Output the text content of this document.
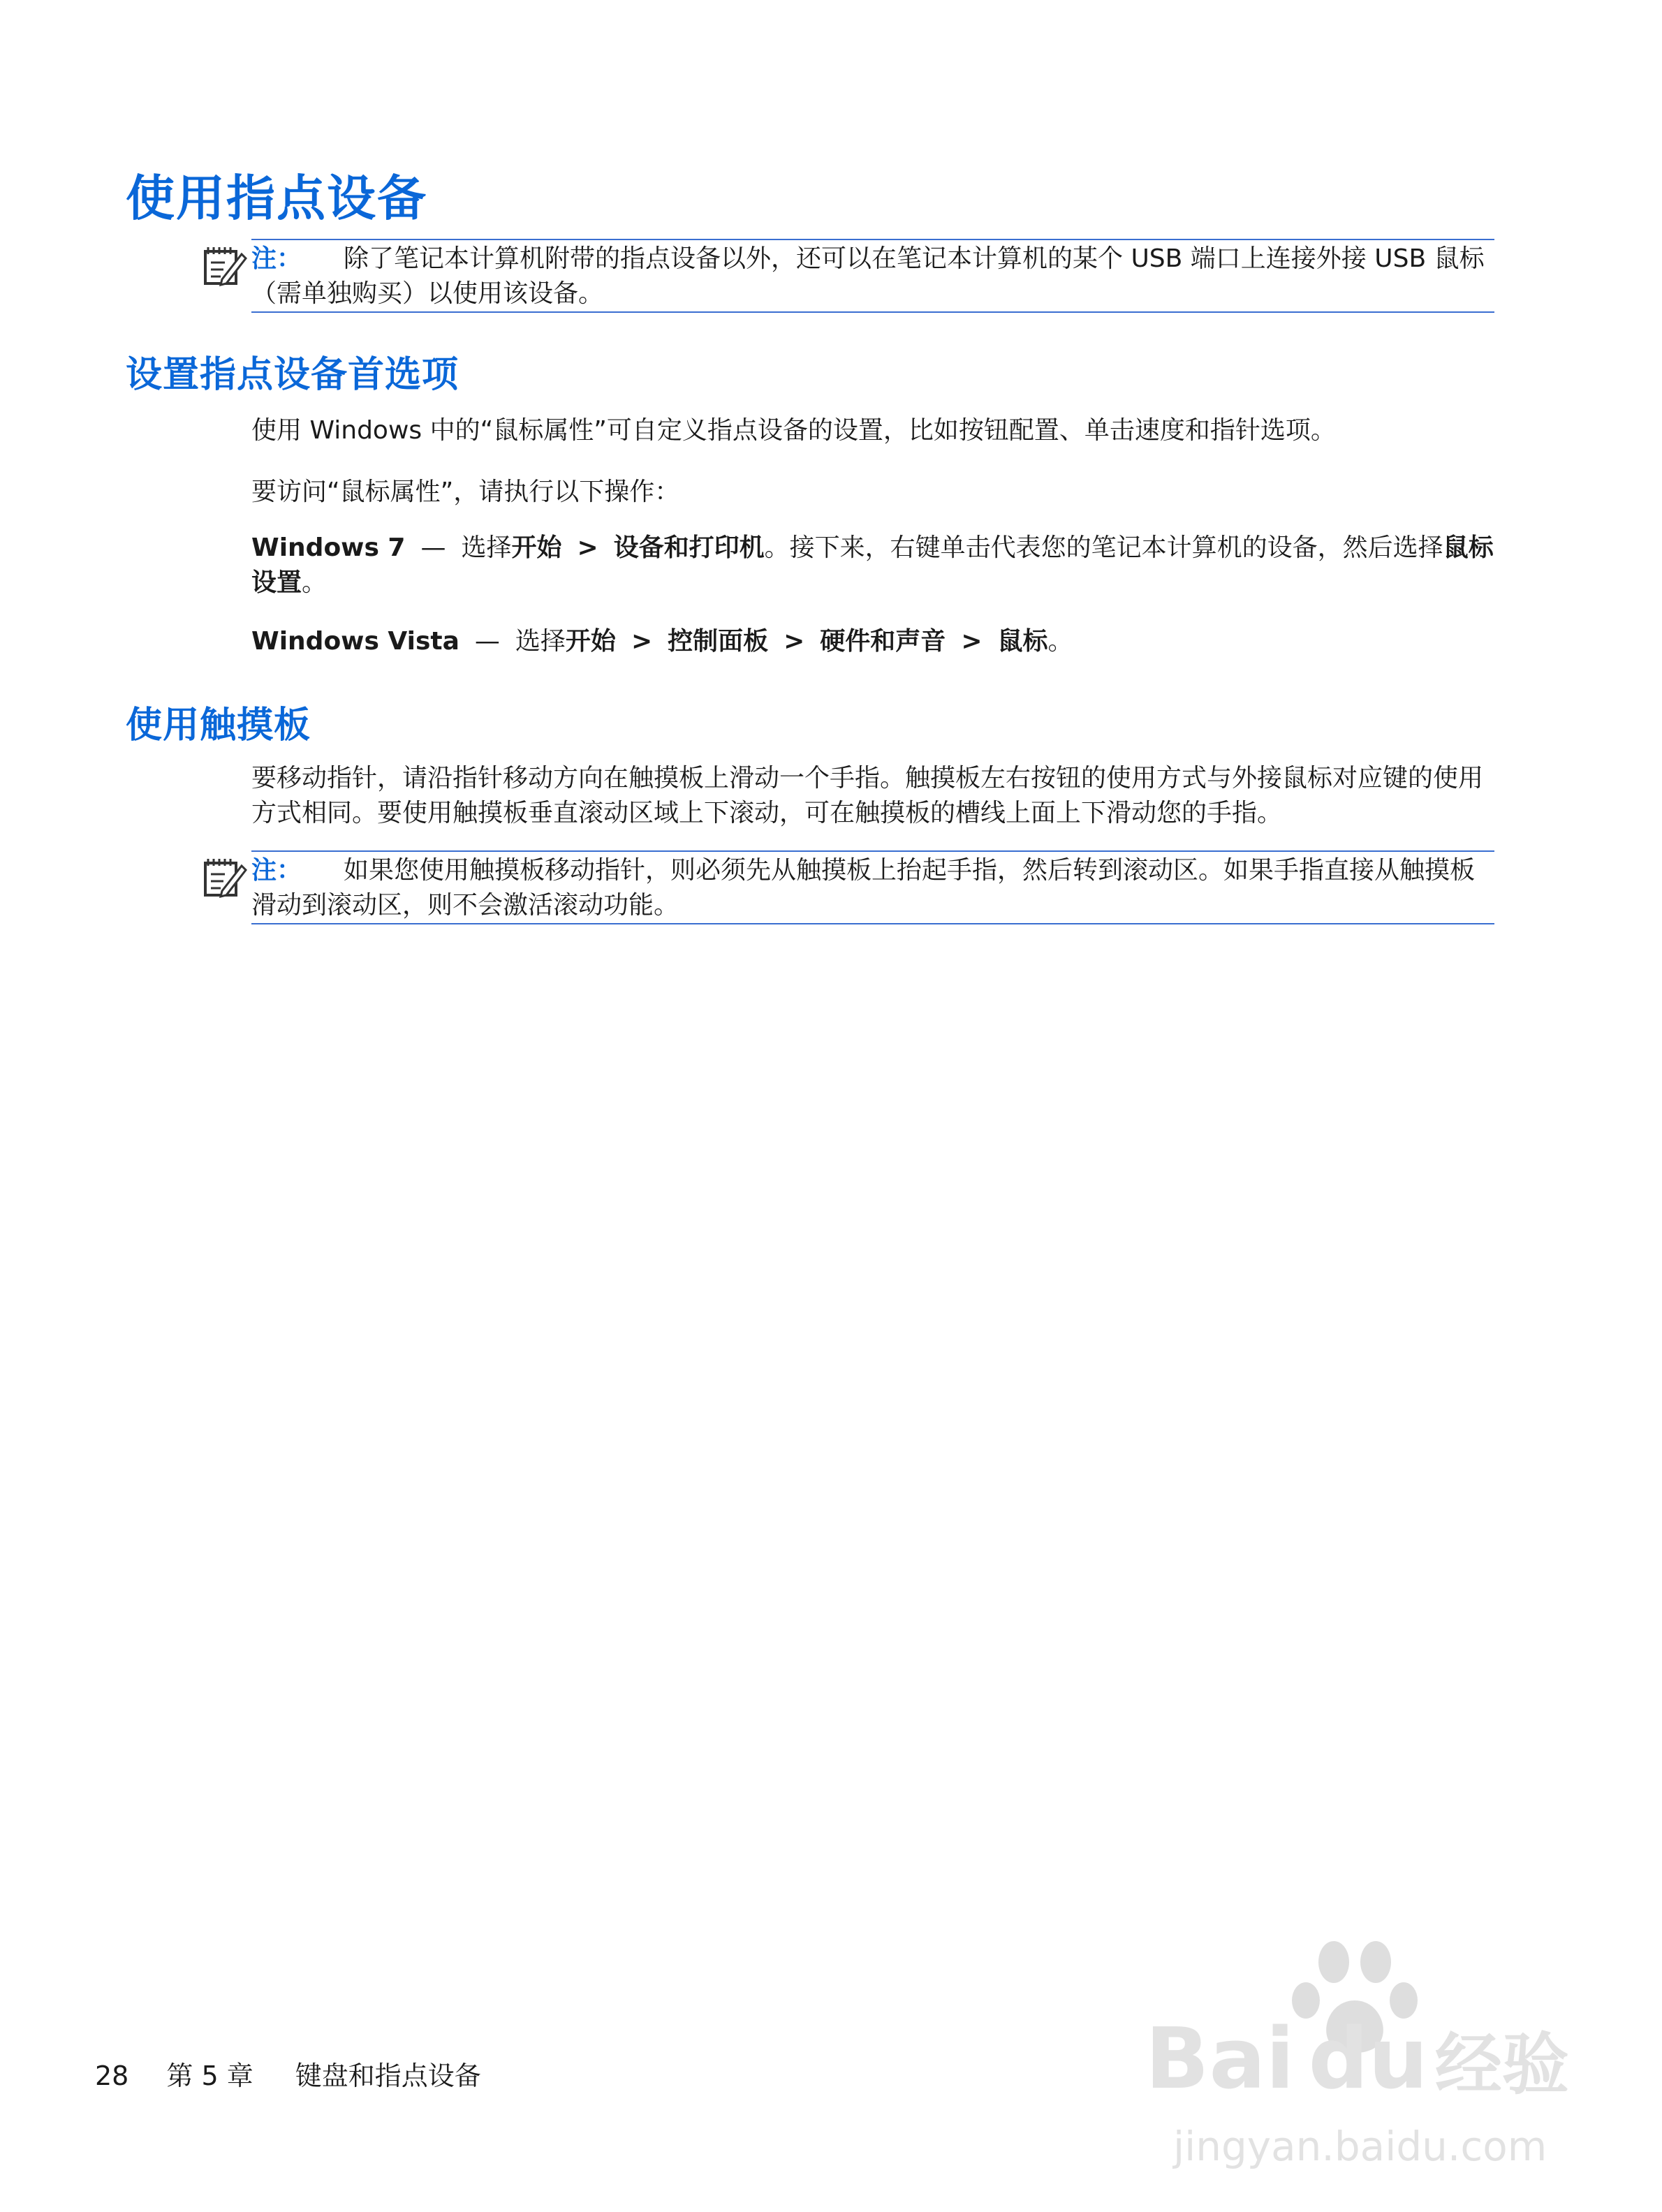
使用指点设备
注： 除了笔记本计算机附带的指点设备以外，还可以在笔记本计算机的某个 USB 端口上连接外接 USB 鼠标（需单独购买）以使用该设备。
设置指点设备首选项
使用 Windows 中的“鼠标属性”可自定义指点设备的设置，比如按钮配置、单击速度和指针选项。
要访问“鼠标属性”，请执行以下操作：
Windows 7 — 选择开始 > 设备和打印机。接下来，右键单击代表您的笔记本计算机的设备，然后选择鼠标设置。
Windows Vista — 选择开始 > 控制面板 > 硬件和声音 > 鼠标。
使用触摸板
要移动指针，请沿指针移动方向在触摸板上滑动一个手指。触摸板左右按钮的使用方式与外接鼠标对应键的使用方式相同。要使用触摸板垂直滚动区域上下滚动，可在触摸板的槽线上面上下滑动您的手指。
注： 如果您使用触摸板移动指针，则必须先从触摸板上抬起手指，然后转到滚动区。如果手指直接从触摸板滑动到滚动区，则不会激活滚动功能。
28 第 5 章 键盘和指点设备	Bai du 经验
jingyan.baidu.com
